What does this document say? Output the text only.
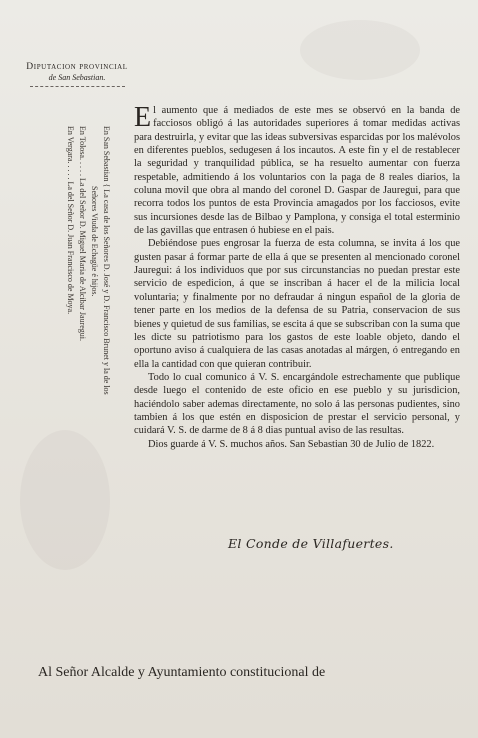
Diputacion provincial
de San Sebastian.
En San Sebastian { La casa de los Señores D. José y D. Francisco Brunet y la de los
Señores Viuda de Echagüe é hijos.
En Tolosa. . . . . La del Señor D. Miguel Maria de Alcibar Jauregui.
En Vergara. . . . . La del Señor D. Juan Francisco de Moya.

El aumento que á mediados de este mes se observó en la banda de facciosos obligó á las autoridades superiores á tomar medidas activas para destruirla, y evitar que las ideas subversivas esparcidas por los malévolos en diferentes pueblos, sedugesen á los incautos. A este fin y el de restablecer la seguridad y tranquilidad pública, se ha resuelto aumentar con fuerza respetable, admitiendo á los voluntarios con la paga de 8 reales diarios, la coluna movil que obra al mando del coronel D. Gaspar de Jauregui, para que recorra todos los puntos de esta Provincia amagados por los facciosos, evite sus incursiones desde las de Bilbao y Pamplona, y consiga el total esterminio de las gavillas que entrasen ó hubiese en el pais.

Debiéndose pues engrosar la fuerza de esta columna, se invita á los que gusten pasar á formar parte de ella á que se presenten al mencionado coronel Jauregui: á los individuos que por sus circunstancias no puedan prestar este servicio de espedicion, á que se inscriban á hacer el de la milicia local voluntaria; y finalmente por no defraudar á ningun español de la gloria de tener parte en los medios de la defensa de su Patria, conservacion de sus bienes y quietud de sus familias, se escita á que se subscriban con la suma que les dicte su patriotismo para los gastos de este loable objeto, dando el oportuno aviso á cualquiera de las casas anotadas al márgen, ó entregando en ella la cantidad con que quieran contribuir.

Todo lo cual comunico á V. S. encargándole estrechamente que publique desde luego el contenido de este oficio en ese pueblo y su jurisdicion, haciéndolo saber ademas directamente, no solo á las personas pudientes, sino tambien á los que estén en disposicion de prestar el servicio personal, y cuidará V. S. de darme de 8 á 8 dias puntual aviso de las resultas.

Dios guarde á V. S. muchos años. San Sebastian 30 de Julio de 1822.

El Conde de Villafuertes.
Al Señor Alcalde y Ayuntamiento constitucional de
